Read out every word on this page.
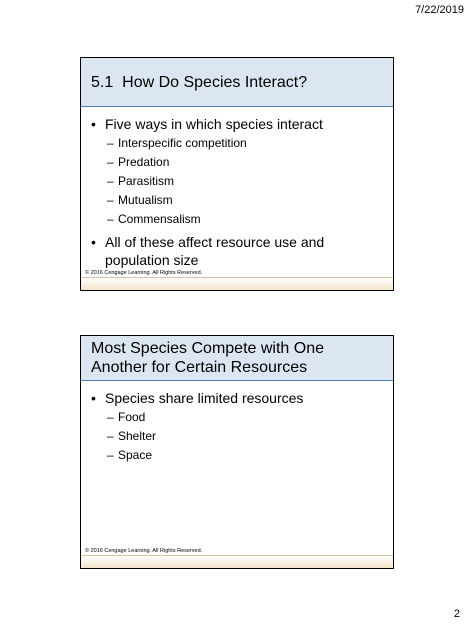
7/22/2019
5.1  How Do Species Interact?
• Five ways in which species interact
– Interspecific competition
– Predation
– Parasitism
– Mutualism
– Commensalism
• All of these affect resource use and population size
© 2016 Cengage Learning. All Rights Reserved.
Most Species Compete with One Another for Certain Resources
• Species share limited resources
– Food
– Shelter
– Space
© 2016 Cengage Learning. All Rights Reserved.
2
